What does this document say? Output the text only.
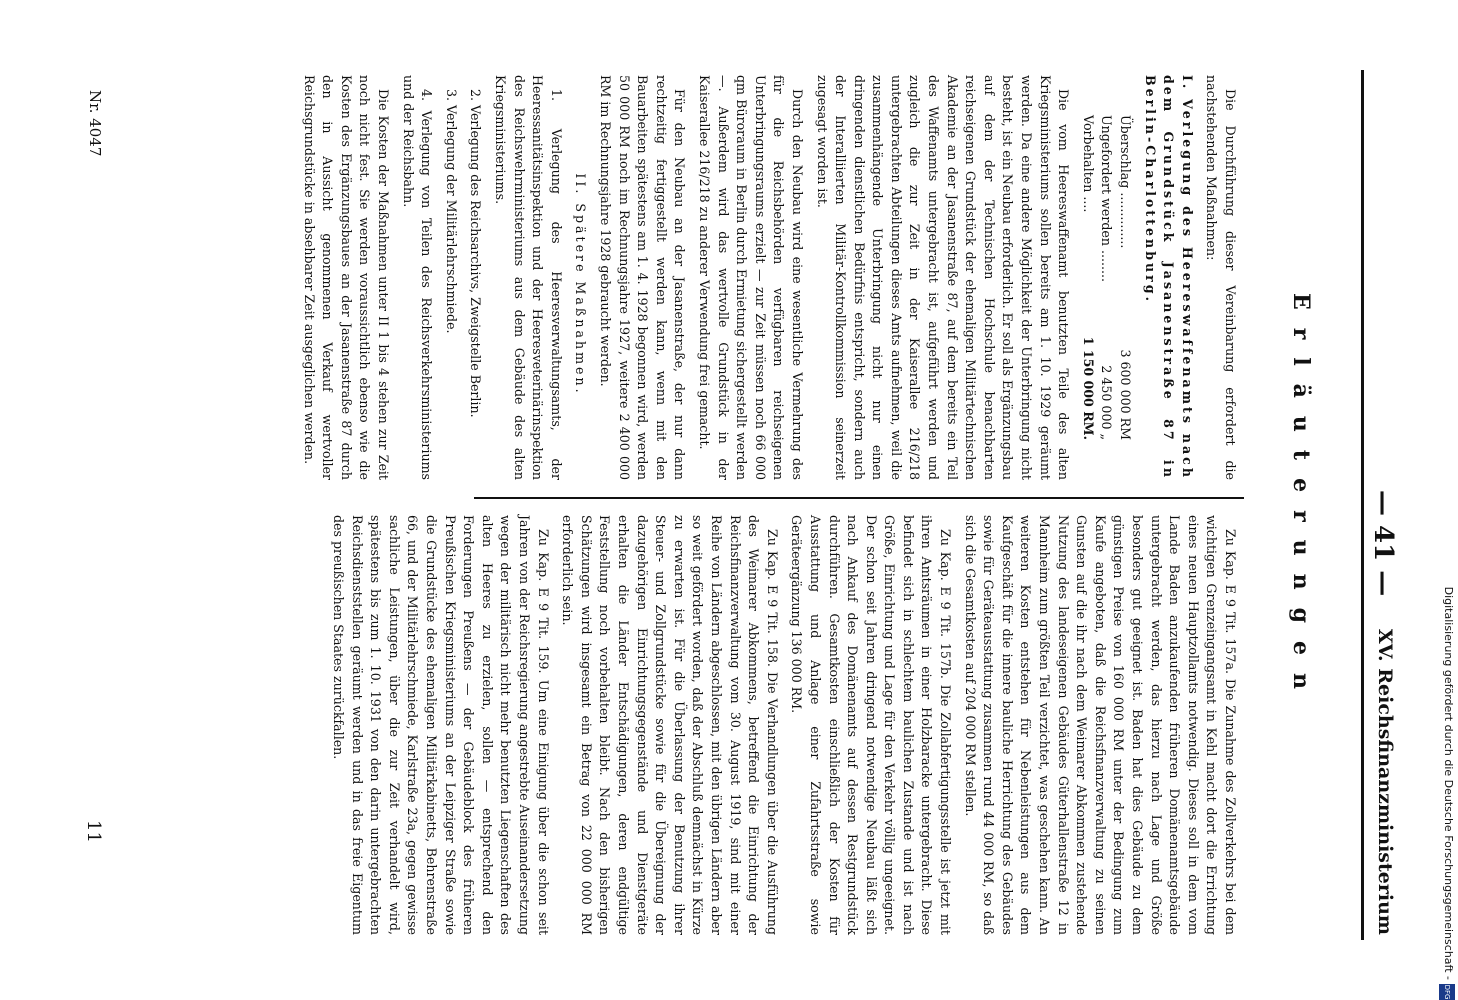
— 41 —
XV. Reichsfinanzministerium
Erläuterungen

Die Durchführung dieser Vereinbarung erfordert die nachstehenden Maßnahmen:

I. Verlegung des Heereswaffenamts nach dem Grundstück Jasanenstraße 87 in Berlin-Charlottenburg.

Überschlag ..............
3 600 000 RM
Ungefordert werden ........
2 450 000 „
Vorbehalten ....
1 150 000 RM.

Die vom Heereswaffenamt benutzten Teile des alten Kriegsministeriums sollen bereits am 1. 10. 1929 geräumt werden. Da eine andere Möglichkeit der Unterbringung nicht besteht, ist ein Neubau erforderlich. Er soll als Ergänzungsbau auf dem der Technischen Hochschule benachbarten reichseigenen Grundstück der ehemaligen Militärtechnischen Akademie an der Jasanenstraße 87, auf dem bereits ein Teil des Waffenamts untergebracht ist, aufgeführt werden und zugleich die zur Zeit in der Kaiserallee 216/218 untergebrachten Abteilungen dieses Amts aufnehmen, weil die zusammenhängende Unterbringung nicht nur einen dringenden dienstlichen Bedürfnis entspricht, sondern auch der Interalliierten Militär-Kontrollkommission seinerzeit zugesagt worden ist.

Durch den Neubau wird eine wesentliche Vermehrung des für die Reichsbehörden verfügbaren reichseigenen Unterbringungsraums erzielt — zur Zeit müssen noch 66 000 qm Büroraum in Berlin durch Ermietung sichergestellt werden —. Außerdem wird das wertvolle Grundstück in der Kaiserallee 216/218 zu anderer Verwendung frei gemacht.

Für den Neubau an der Jasanenstraße, der nur dann rechtzeitig fertiggestellt werden kann, wenn mit den Bauarbeiten spätestens am 1. 4. 1928 begonnen wird, werden 50 000 RM noch im Rechnungsjahre 1927, weitere 2 400 000 RM im Rechnungsjahre 1928 gebraucht werden.

II. Spätere Maßnahmen.

1. Verlegung des Heeresverwaltungsamts, der Heeressanitätsinspektion und der Heeresveterinärinspektion des Reichswehrministeriums aus dem Gebäude des alten Kriegsministeriums.

2. Verlegung des Reichsarchivs, Zweigstelle Berlin.

3. Verlegung der Militärlehrschmiede.

4. Verlegung von Teilen des Reichsverkehrsministeriums und der Reichsbahn.

Die Kosten der Maßnahmen unter II 1 bis 4 stehen zur Zeit noch nicht fest. Sie werden voraussichtlich ebenso wie die Kosten des Ergänzungsbaues an der Jasanenstraße 87 durch den in Aussicht genommenen Verkauf wertvoller Reichsgrundstücke in absehbarer Zeit ausgeglichen werden.

Zu Kap. E 9 Tit. 157a. Die Zunahme des Zollverkehrs bei dem wichtigen Grenzeingangsamt in Kehl macht dort die Errichtung eines neuen Hauptzollamts notwendig. Dieses soll in dem vom Lande Baden anzukaufenden früheren Domänenamtsgebäude untergebracht werden, das hierzu nach Lage und Größe besonders gut geeignet ist. Baden hat dies Gebäude zu dem günstigen Preise von 160 000 RM unter der Bedingung zum Kaufe angeboten, daß die Reichsfinanzverwaltung zu seinen Gunsten auf die ihr nach dem Weimarer Abkommen zustehende Nutzung des landeseigenen Gebäudes Güterhallenstraße 12 in Mannheim zum größten Teil verzichtet, was geschehen kann. An weiteren Kosten entstehen für Nebenleistungen aus dem Kaufgeschäft für die innere bauliche Herrichtung des Gebäudes sowie für Geräteausstattung zusammen rund 44 000 RM, so daß sich die Gesamtkosten auf 204 000 RM stellen.

Zu Kap. E 9 Tit. 157b. Die Zollabfertigungsstelle ist jetzt mit ihren Amtsräumen in einer Holzbaracke untergebracht. Diese befindet sich in schlechtem baulichen Zustande und ist nach Größe, Einrichtung und Lage für den Verkehr völlig ungeeignet. Der schon seit Jahren dringend notwendige Neubau läßt sich nach Ankauf des Domänenamts auf dessen Restgrundstück durchführen. Gesamtkosten einschließlich der Kosten für Ausstattung und Anlage einer Zufahrtsstraße sowie Geräteergänzung 136 000 RM.

Zu Kap. E 9 Tit. 158. Die Verhandlungen über die Ausführung des Weimarer Abkommens, betreffend die Einrichtung der Reichsfinanzverwaltung vom 30. August 1919, sind mit einer Reihe von Ländern abgeschlossen, mit den übrigen Ländern aber so weit gefördert worden, daß der Abschluß demnächst in Kürze zu erwarten ist. Für die Überlassung der Benutzung ihrer Steuer- und Zollgrundstücke sowie für die Übereignung der dazugehörigen Einrichtungsgegenstände und Dienstgeräte erhalten die Länder Entschädigungen, deren endgültige Feststellung noch vorbehalten bleibt. Nach den bisherigen Schätzungen wird insgesamt ein Betrag von 22 000 000 RM erforderlich sein.

Zu Kap. E 9 Tit. 159. Um eine Einigung über die schon seit Jahren von der Reichsregierung angestrebte Auseinandersetzung wegen der militärisch nicht mehr benutzten Liegenschaften des alten Heeres zu erzielen, sollen — entsprechend den Forderungen Preußens — der Gebäudeblock des früheren Preußischen Kriegsministeriums an der Leipziger Straße sowie die Grundstücke des ehemaligen Militärkabinetts, Behrenstraße 66, und der Militärlehrschmiede, Karlstraße 23a, gegen gewisse sachliche Leistungen, über die zur Zeit verhandelt wird, spätestens bis zum 1. 10. 1931 von den darin untergebrachten Reichsdienststellen geräumt werden und in das freie Eigentum des preußischen Staates zurückfallen.

11
Nr. 4047
Digitalisierung gefördert durch die Deutsche Forschungsgemeinschaft -
DFG
